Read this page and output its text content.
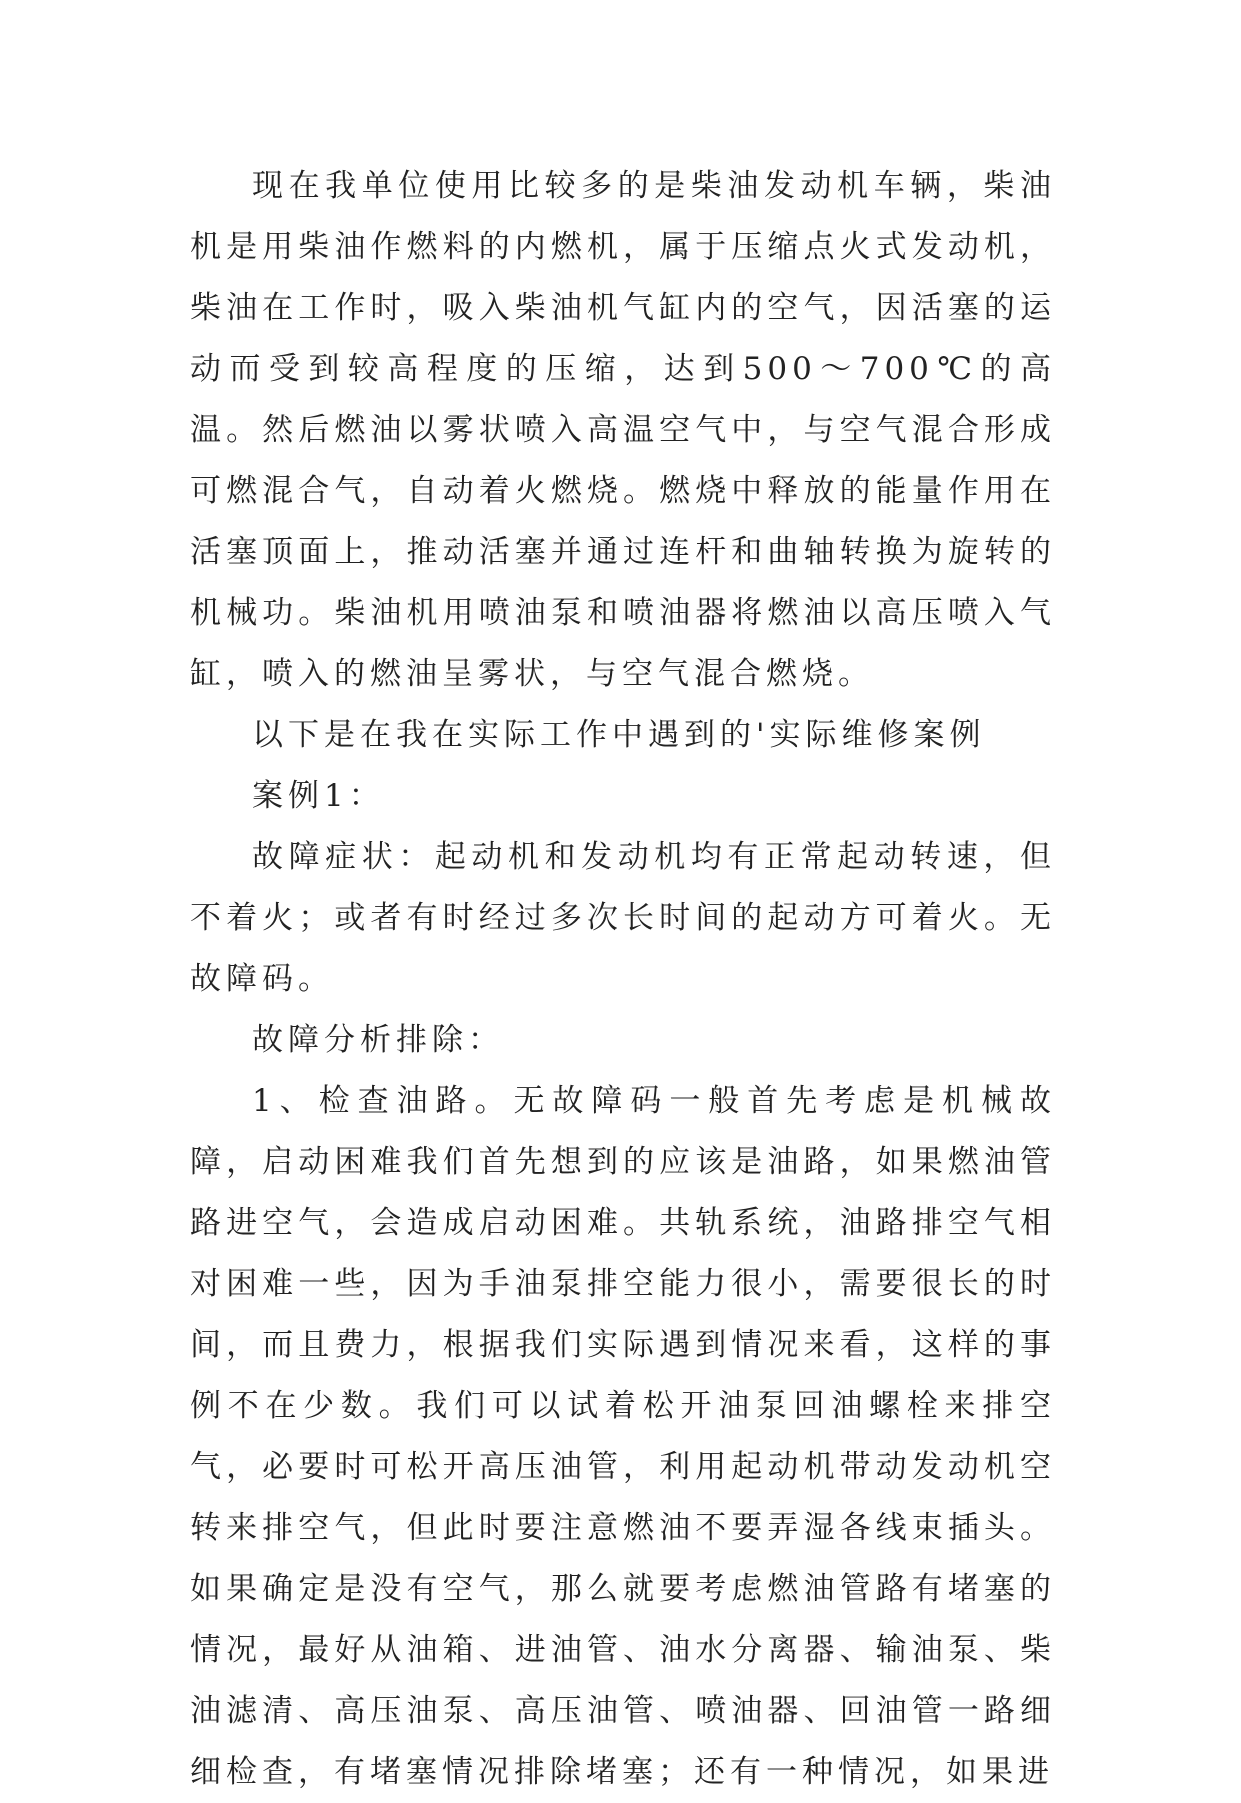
现在我单位使用比较多的是柴油发动机车辆，柴油机是用柴油作燃料的内燃机，属于压缩点火式发动机，柴油在工作时，吸入柴油机气缸内的空气，因活塞的运动而受到较高程度的压缩，达到500～700℃的高温。然后燃油以雾状喷入高温空气中，与空气混合形成可燃混合气，自动着火燃烧。燃烧中释放的能量作用在活塞顶面上，推动活塞并通过连杆和曲轴转换为旋转的机械功。柴油机用喷油泵和喷油器将燃油以高压喷入气缸，喷入的燃油呈雾状，与空气混合燃烧。

以下是在我在实际工作中遇到的'实际维修案例

案例1：

故障症状：起动机和发动机均有正常起动转速，但不着火；或者有时经过多次长时间的起动方可着火。无故障码。

故障分析排除：

1、检查油路。无故障码一般首先考虑是机械故障，启动困难我们首先想到的应该是油路，如果燃油管路进空气，会造成启动困难。共轨系统，油路排空气相对困难一些，因为手油泵排空能力很小，需要很长的时间，而且费力，根据我们实际遇到情况来看，这样的事例不在少数。我们可以试着松开油泵回油螺栓来排空气，必要时可松开高压油管，利用起动机带动发动机空转来排空气，但此时要注意燃油不要弄湿各线束插头。如果确定是没有空气，那么就要考虑燃油管路有堵塞的情况，最好从油箱、进油管、油水分离器、输油泵、柴油滤清、高压油泵、高压油管、喷油器、回油管一路细细检查，有堵塞情况排除堵塞；还有一种情况，如果进
